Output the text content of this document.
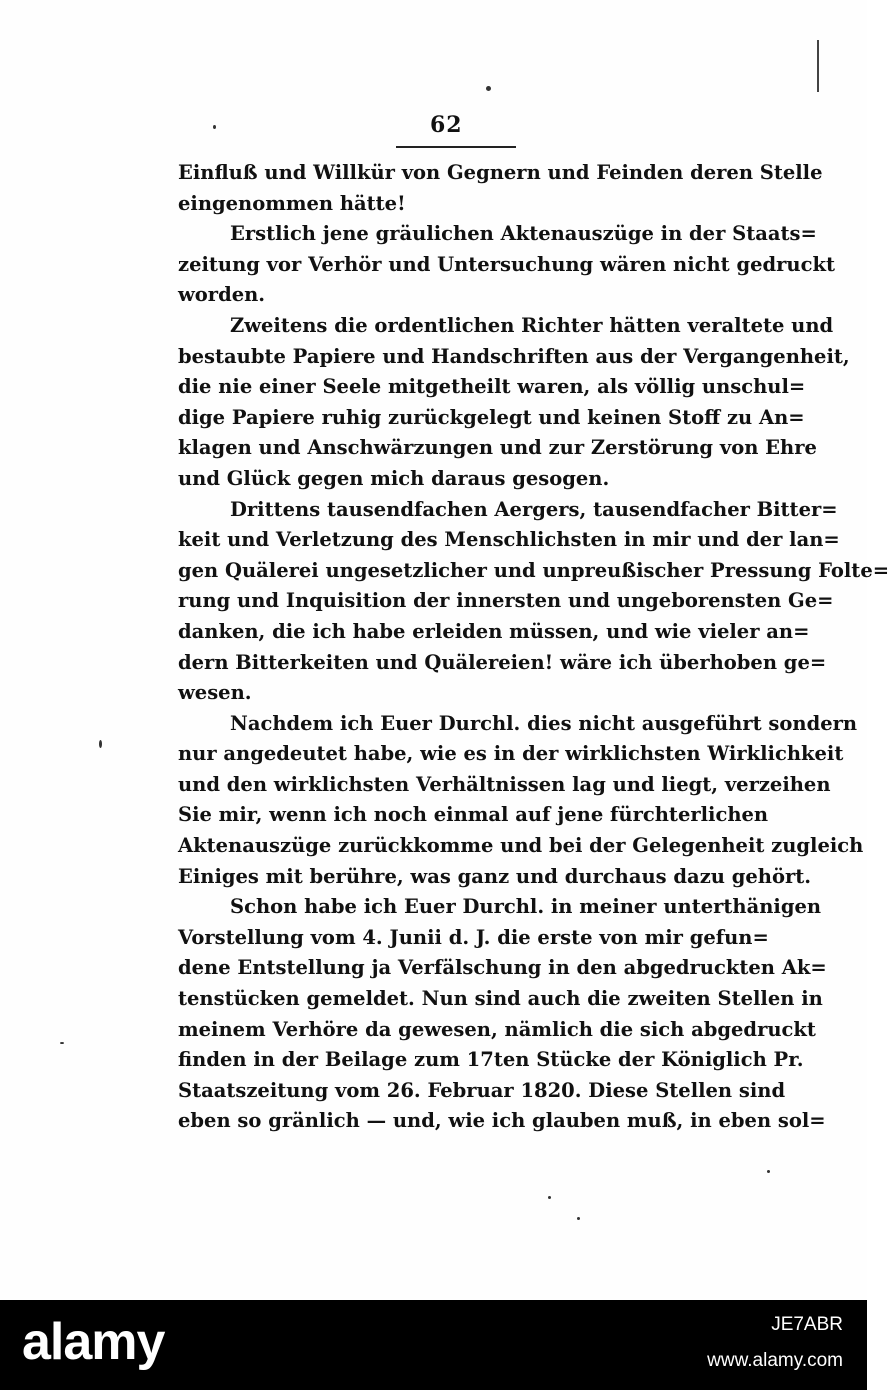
62
Einfluß und Willkür von Gegnern und Feinden deren Stelle
eingenommen hätte!
Erstlich jene gräulichen Aktenauszüge in der Staats=
zeitung vor Verhör und Untersuchung wären nicht gedruckt
worden.
Zweitens die ordentlichen Richter hätten veraltete und
bestaubte Papiere und Handschriften aus der Vergangenheit,
die nie einer Seele mitgetheilt waren, als völlig unschul=
dige Papiere ruhig zurückgelegt und keinen Stoff zu An=
klagen und Anschwärzungen und zur Zerstörung von Ehre
und Glück gegen mich daraus gesogen.
Drittens tausendfachen Aergers, tausendfacher Bitter=
keit und Verletzung des Menschlichsten in mir und der lan=
gen Quälerei ungesetzlicher und unpreußischer Pressung Folte=
rung und Inquisition der innersten und ungeborensten Ge=
danken, die ich habe erleiden müssen, und wie vieler an=
dern Bitterkeiten und Quälereien! wäre ich überhoben ge=
wesen.
Nachdem ich Euer Durchl. dies nicht ausgeführt sondern
nur angedeutet habe, wie es in der wirklichsten Wirklichkeit
und den wirklichsten Verhältnissen lag und liegt, verzeihen
Sie mir, wenn ich noch einmal auf jene fürchterlichen
Aktenauszüge zurückkomme und bei der Gelegenheit zugleich
Einiges mit berühre, was ganz und durchaus dazu gehört.
Schon habe ich Euer Durchl. in meiner unterthänigen
Vorstellung vom 4. Junii d. J. die erste von mir gefun=
dene Entstellung ja Verfälschung in den abgedruckten Ak=
tenstücken gemeldet. Nun sind auch die zweiten Stellen in
meinem Verhöre da gewesen, nämlich die sich abgedruckt
finden in der Beilage zum 17ten Stücke der Königlich Pr.
Staatszeitung vom 26. Februar 1820. Diese Stellen sind
eben so gränlich — und, wie ich glauben muß, in eben sol=
alamy	JE7ABR
www.alamy.com
